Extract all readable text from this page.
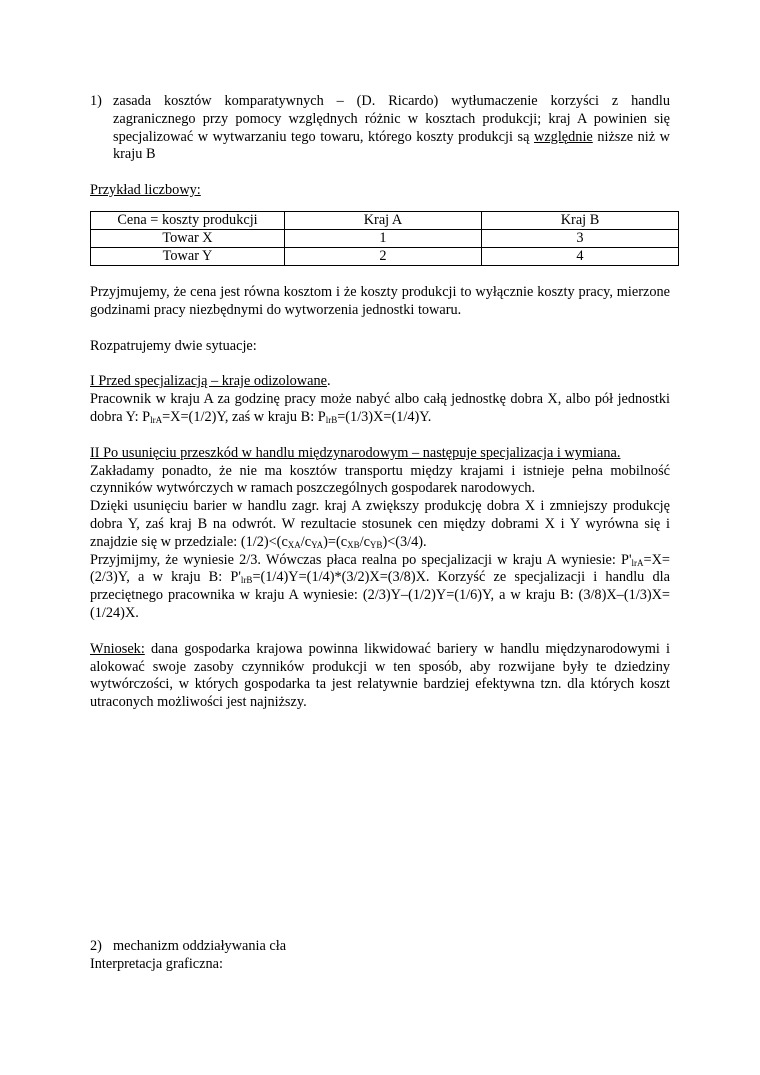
1) zasada kosztów komparatywnych – (D. Ricardo) wytłumaczenie korzyści z handlu zagranicznego przy pomocy względnych różnic w kosztach produkcji; kraj A powinien się specjalizować w wytwarzaniu tego towaru, którego koszty produkcji są względnie niższe niż w kraju B
Przykład liczbowy:
Cena = koszty produkcji	Kraj A	Kraj B
Towar X	1	3
Towar Y	2	4
Przyjmujemy, że cena jest równa kosztom i że koszty produkcji to wyłącznie koszty pracy, mierzone godzinami pracy niezbędnymi do wytworzenia jednostki towaru.
Rozpatrujemy dwie sytuacje:
I Przed specjalizacją – kraje odizolowane.
Pracownik w kraju A za godzinę pracy może nabyć albo całą jednostkę dobra X, albo pół jednostki dobra Y: $P_{lrA}=X=(1/2)Y$, zaś w kraju B: $P_{lrB}=(1/3)X=(1/4)Y$.
II Po usunięciu przeszkód w handlu międzynarodowym – następuje specjalizacja i wymiana.
Zakładamy ponadto, że nie ma kosztów transportu między krajami i istnieje pełna mobilność czynników wytwórczych w ramach poszczególnych gospodarek narodowych.
Dzięki usunięciu barier w handlu zagr. kraj A zwiększy produkcję dobra X i zmniejszy produkcję dobra Y, zaś kraj B na odwrót. W rezultacie stosunek cen między dobrami X i Y wyrówna się i znajdzie się w przedziale: $(1/2)<(c_{XA}/c_{YA})=(c_{XB}/c_{YB})<(3/4)$.
Przyjmijmy, że wyniesie 2/3. Wówczas płaca realna po specjalizacji w kraju A wyniesie: $P'_{lrA}=X=(2/3)Y$, a w kraju B: $P'_{lrB}=(1/4)Y=(1/4)*(3/2)X=(3/8)X$. Korzyść ze specjalizacji i handlu dla przeciętnego pracownika w kraju A wyniesie: (2/3)Y–(1/2)Y=(1/6)Y, a w kraju B: (3/8)X–(1/3)X=(1/24)X.
Wniosek: dana gospodarka krajowa powinna likwidować bariery w handlu międzynarodowymi i alokować swoje zasoby czynników produkcji w ten sposób, aby rozwijane były te dziedziny wytwórczości, w których gospodarka ta jest relatywnie bardziej efektywna tzn. dla których koszt utraconych możliwości jest najniższy.
2) mechanizm oddziaływania cła
Interpretacja graficzna:
